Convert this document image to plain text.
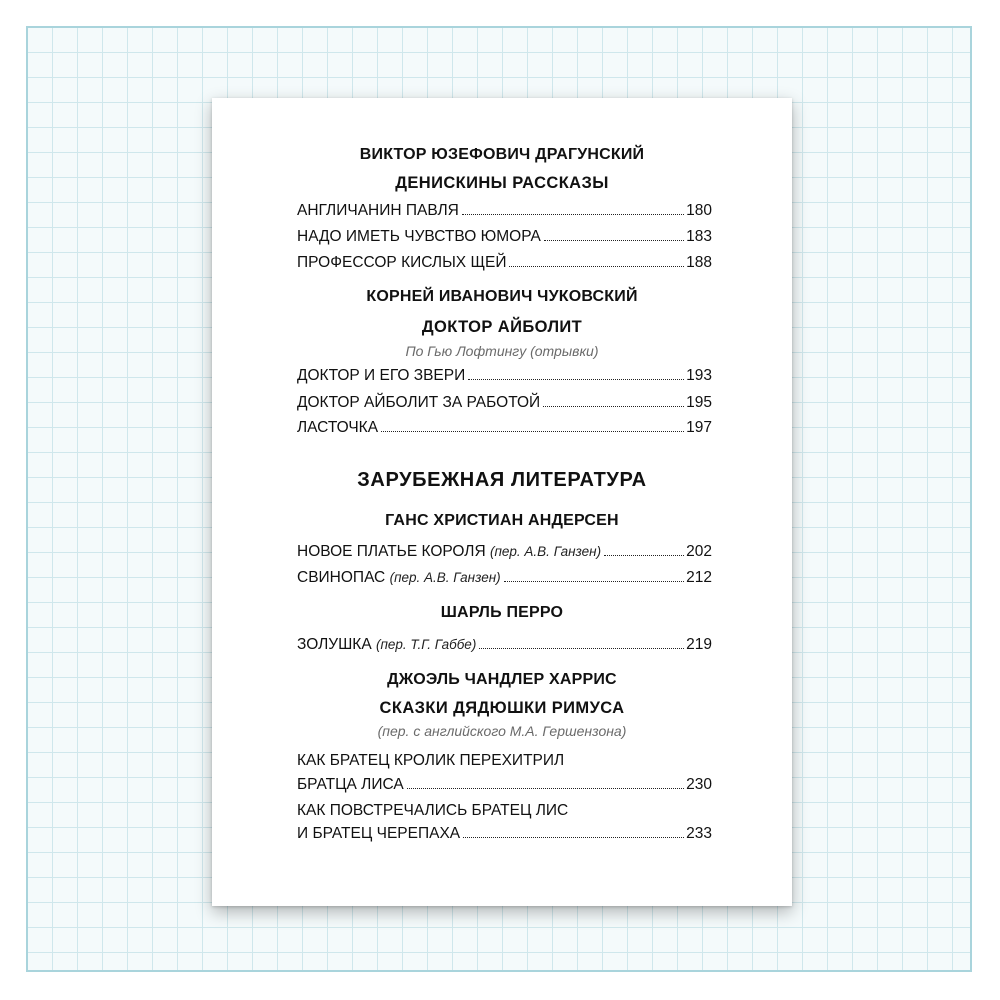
ВИКТОР ЮЗЕФОВИЧ ДРАГУНСКИЙ
ДЕНИСКИНЫ РАССКАЗЫ
АНГЛИЧАНИН ПАВЛЯ	180
НАДО ИМЕТЬ ЧУВСТВО ЮМОРА	183
ПРОФЕССОР КИСЛЫХ ЩЕЙ	188
КОРНЕЙ ИВАНОВИЧ ЧУКОВСКИЙ
ДОКТОР АЙБОЛИТ
По Гью Лофтингу (отрывки)
ДОКТОР И ЕГО ЗВЕРИ	193
ДОКТОР АЙБОЛИТ ЗА РАБОТОЙ	195
ЛАСТОЧКА	197
ЗАРУБЕЖНАЯ ЛИТЕРАТУРА
ГАНС ХРИСТИАН АНДЕРСЕН
НОВОЕ ПЛАТЬЕ КОРОЛЯ (пер. А.В. Ганзен)	202
СВИНОПАС (пер. А.В. Ганзен)	212
ШАРЛЬ ПЕРРО
ЗОЛУШКА (пер. Т.Г. Габбе)	219
ДЖОЭЛЬ ЧАНДЛЕР ХАРРИС
СКАЗКИ ДЯДЮШКИ РИМУСА
(пер. с английского М.А. Гершензона)
КАК БРАТЕЦ КРОЛИК ПЕРЕХИТРИЛ
БРАТЦА ЛИСА	230
КАК ПОВСТРЕЧАЛИСЬ БРАТЕЦ ЛИС
И БРАТЕЦ ЧЕРЕПАХА	233
